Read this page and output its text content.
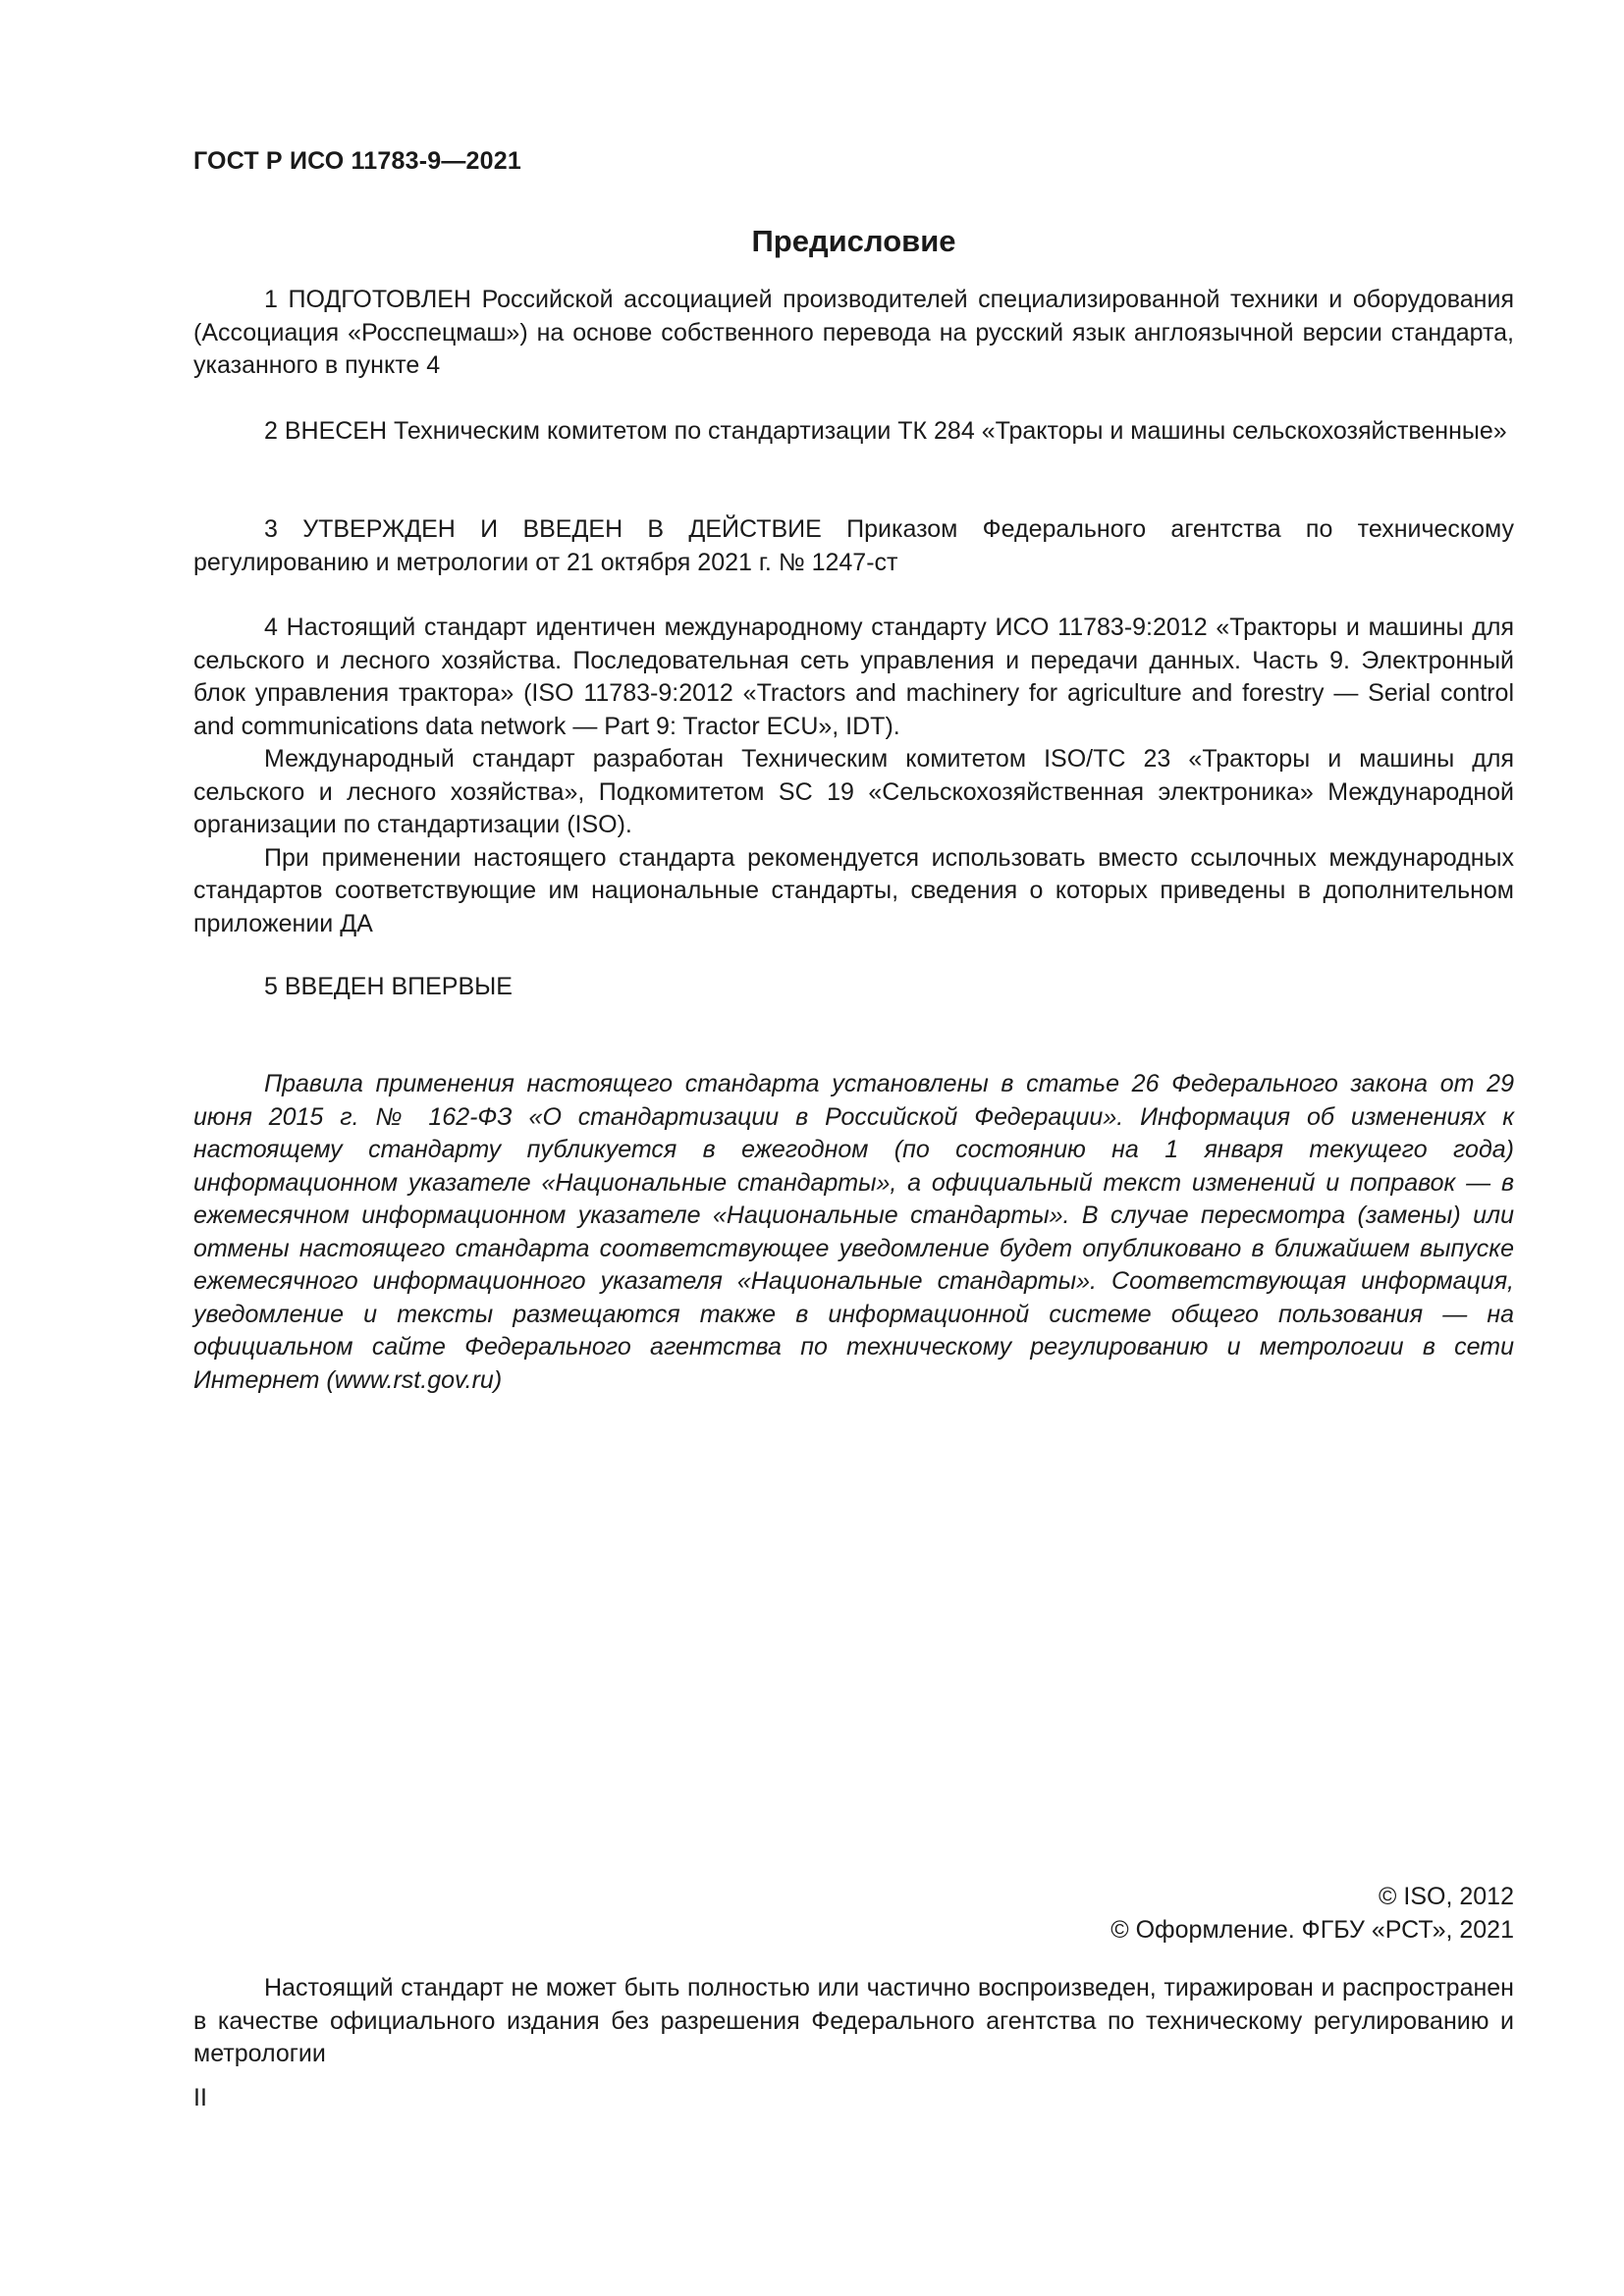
ГОСТ Р ИСО 11783-9—2021
Предисловие

1 ПОДГОТОВЛЕН Российской ассоциацией производителей специализированной техники и оборудования (Ассоциация «Росспецмаш») на основе собственного перевода на русский язык англоязычной версии стандарта, указанного в пункте 4

2 ВНЕСЕН Техническим комитетом по стандартизации ТК 284 «Тракторы и машины сельскохозяйственные»

3 УТВЕРЖДЕН И ВВЕДЕН В ДЕЙСТВИЕ Приказом Федерального агентства по техническому регулированию и метрологии от 21 октября 2021 г. № 1247-ст

4 Настоящий стандарт идентичен международному стандарту ИСО 11783-9:2012 «Тракторы и машины для сельского и лесного хозяйства. Последовательная сеть управления и передачи данных. Часть 9. Электронный блок управления трактора» (ISO 11783-9:2012 «Tractors and machinery for agriculture and forestry — Serial control and communications data network — Part 9: Tractor ECU», IDT).

Международный стандарт разработан Техническим комитетом ISO/TC 23 «Тракторы и машины для сельского и лесного хозяйства», Подкомитетом SC 19 «Сельскохозяйственная электроника» Международной организации по стандартизации (ISO).

При применении настоящего стандарта рекомендуется использовать вместо ссылочных международных стандартов соответствующие им национальные стандарты, сведения о которых приведены в дополнительном приложении ДА

5 ВВЕДЕН ВПЕРВЫЕ

Правила применения настоящего стандарта установлены в статье 26 Федерального закона от 29 июня 2015 г. № 162-ФЗ «О стандартизации в Российской Федерации». Информация об изменениях к настоящему стандарту публикуется в ежегодном (по состоянию на 1 января текущего года) информационном указателе «Национальные стандарты», а официальный текст изменений и поправок — в ежемесячном информационном указателе «Национальные стандарты». В случае пересмотра (замены) или отмены настоящего стандарта соответствующее уведомление будет опубликовано в ближайшем выпуске ежемесячного информационного указателя «Национальные стандарты». Соответствующая информация, уведомление и тексты размещаются также в информационной системе общего пользования — на официальном сайте Федерального агентства по техническому регулированию и метрологии в сети Интернет (www.rst.gov.ru)

© ISO, 2012
© Оформление. ФГБУ «РСТ», 2021

Настоящий стандарт не может быть полностью или частично воспроизведен, тиражирован и распространен в качестве официального издания без разрешения Федерального агентства по техническому регулированию и метрологии

II
